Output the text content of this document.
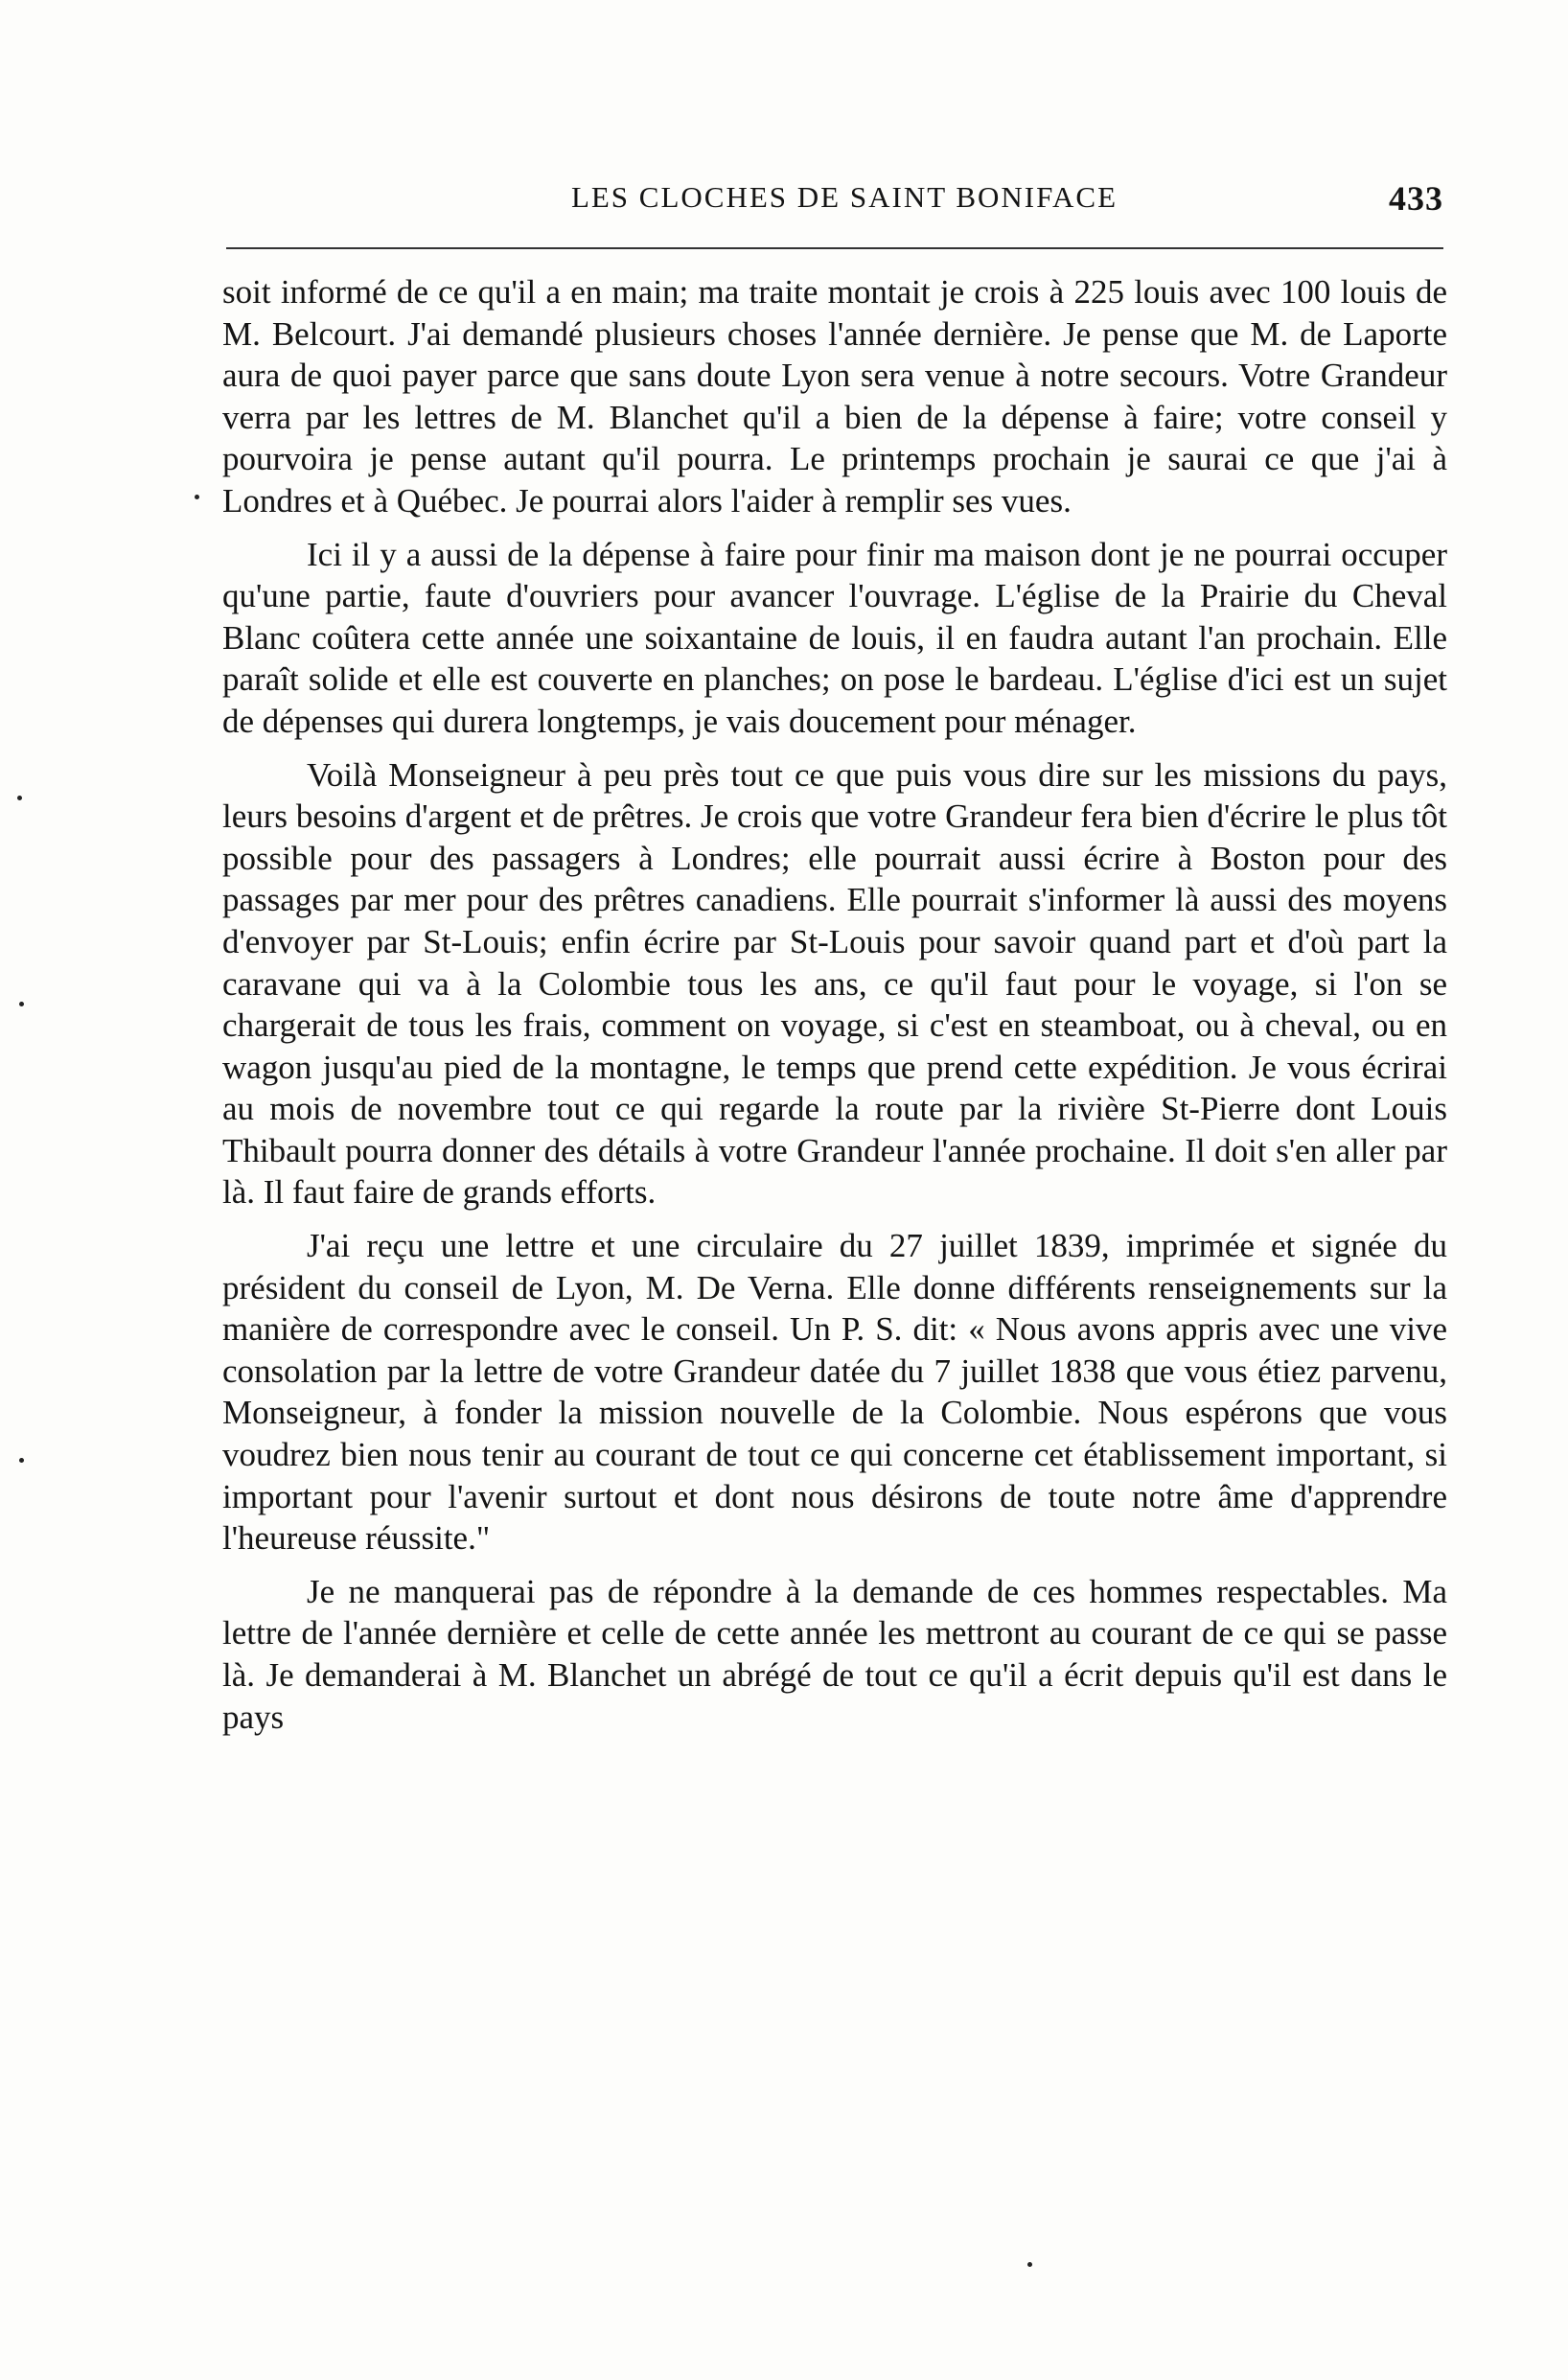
LES CLOCHES DE SAINT BONIFACE	433

soit informé de ce qu'il a en main; ma traite montait je crois à 225 louis avec 100 louis de M. Belcourt. J'ai demandé plusieurs choses l'année dernière. Je pense que M. de Laporte aura de quoi payer parce que sans doute Lyon sera venue à notre secours. Votre Grandeur verra par les lettres de M. Blanchet qu'il a bien de la dépense à faire; votre conseil y pourvoira je pense autant qu'il pourra. Le printemps prochain je saurai ce que j'ai à Londres et à Québec. Je pourrai alors l'aider à remplir ses vues.

Ici il y a aussi de la dépense à faire pour finir ma maison dont je ne pourrai occuper qu'une partie, faute d'ouvriers pour avancer l'ouvrage. L'église de la Prairie du Cheval Blanc coûtera cette année une soixantaine de louis, il en faudra autant l'an prochain. Elle paraît solide et elle est couverte en planches; on pose le bardeau. L'église d'ici est un sujet de dépenses qui durera longtemps, je vais doucement pour ménager.

Voilà Monseigneur à peu près tout ce que puis vous dire sur les missions du pays, leurs besoins d'argent et de prêtres. Je crois que votre Grandeur fera bien d'écrire le plus tôt possible pour des passagers à Londres; elle pourrait aussi écrire à Boston pour des passages par mer pour des prêtres canadiens. Elle pourrait s'informer là aussi des moyens d'envoyer par St-Louis; enfin écrire par St-Louis pour savoir quand part et d'où part la caravane qui va à la Colombie tous les ans, ce qu'il faut pour le voyage, si l'on se chargerait de tous les frais, comment on voyage, si c'est en steamboat, ou à cheval, ou en wagon jusqu'au pied de la montagne, le temps que prend cette expédition. Je vous écrirai au mois de novembre tout ce qui regarde la route par la rivière St-Pierre dont Louis Thibault pourra donner des détails à votre Grandeur l'année prochaine. Il doit s'en aller par là. Il faut faire de grands efforts.

J'ai reçu une lettre et une circulaire du 27 juillet 1839, imprimée et signée du président du conseil de Lyon, M. De Verna. Elle donne différents renseignements sur la manière de correspondre avec le conseil. Un P. S. dit: « Nous avons appris avec une vive consolation par la lettre de votre Grandeur datée du 7 juillet 1838 que vous étiez parvenu, Monseigneur, à fonder la mission nouvelle de la Colombie. Nous espérons que vous voudrez bien nous tenir au courant de tout ce qui concerne cet établissement important, si important pour l'avenir surtout et dont nous désirons de toute notre âme d'apprendre l'heureuse réussite."

Je ne manquerai pas de répondre à la demande de ces hommes respectables. Ma lettre de l'année dernière et celle de cette année les mettront au courant de ce qui se passe là. Je demanderai à M. Blanchet un abrégé de tout ce qu'il a écrit depuis qu'il est dans le pays
